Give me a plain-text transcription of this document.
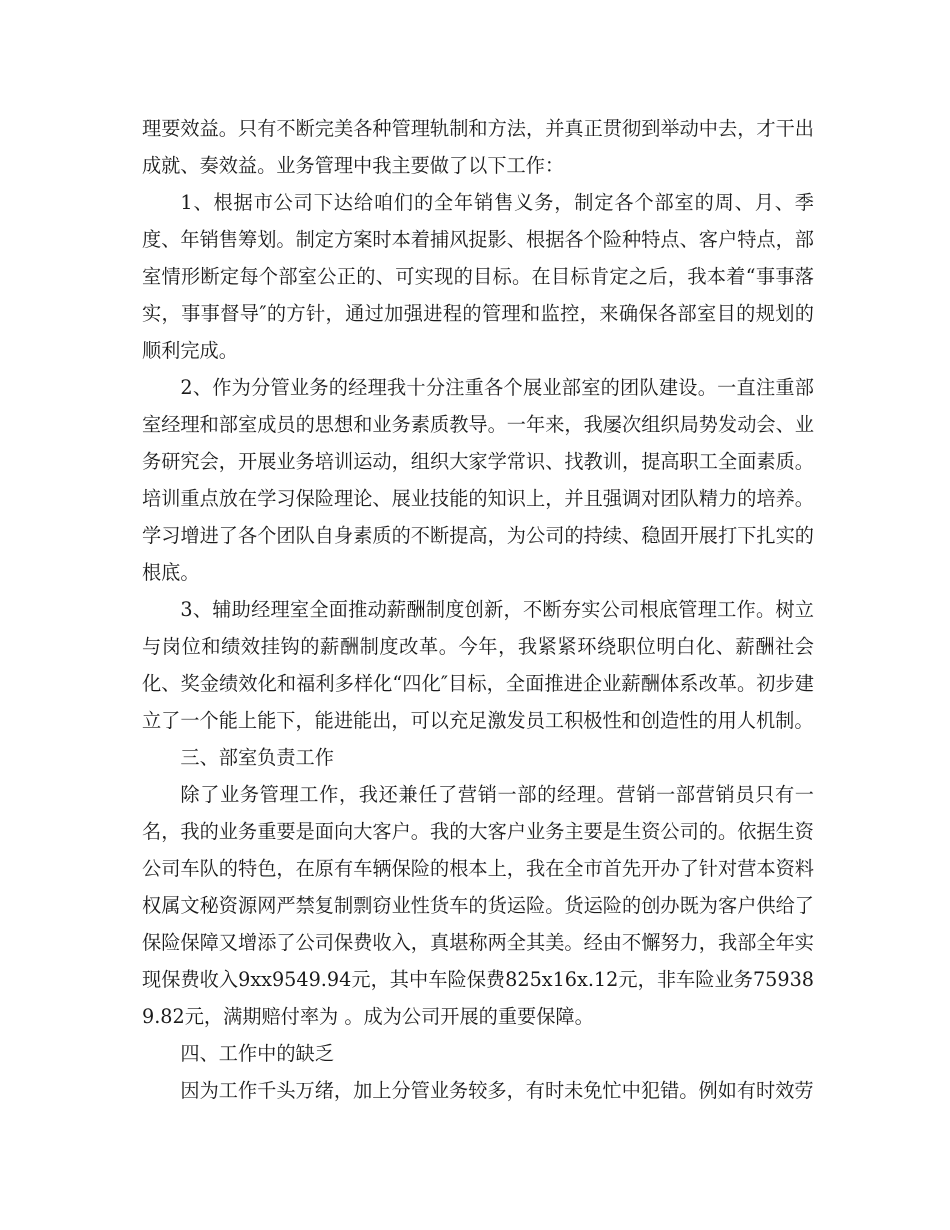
理要效益。只有不断完美各种管理轨制和方法，并真正贯彻到举动中去，才干出成就、奏效益。业务管理中我主要做了以下工作：

1、根据市公司下达给咱们的全年销售义务，制定各个部室的周、月、季度、年销售筹划。制定方案时本着捕风捉影、根据各个险种特点、客户特点，部室情形断定每个部室公正的、可实现的目标。在目标肯定之后，我本着“事事落实，事事督导″的方针，通过加强进程的管理和监控，来确保各部室目的规划的顺利完成。

2、作为分管业务的经理我十分注重各个展业部室的团队建设。一直注重部室经理和部室成员的思想和业务素质教导。一年来，我屡次组织局势发动会、业务研究会，开展业务培训运动，组织大家学常识、找教训，提高职工全面素质。培训重点放在学习保险理论、展业技能的知识上，并且强调对团队精力的培养。学习增进了各个团队自身素质的不断提高，为公司的持续、稳固开展打下扎实的根底。

3、辅助经理室全面推动薪酬制度创新，不断夯实公司根底管理工作。树立与岗位和绩效挂钩的薪酬制度改革。今年，我紧紧环绕职位明白化、薪酬社会化、奖金绩效化和福利多样化“四化″目标，全面推进企业薪酬体系改革。初步建立了一个能上能下，能进能出，可以充足激发员工积极性和创造性的用人机制。

三、部室负责工作

除了业务管理工作，我还兼任了营销一部的经理。营销一部营销员只有一名，我的业务重要是面向大客户。我的大客户业务主要是生资公司的。依据生资公司车队的特色，在原有车辆保险的根本上，我在全市首先开办了针对营本资料权属文秘资源网严禁复制剽窃业性货车的货运险。货运险的创办既为客户供给了保险保障又增添了公司保费收入，真堪称两全其美。经由不懈努力，我部全年实现保费收入9xx9549.94元，其中车险保费825x16x.12元，非车险业务759389.82元，满期赔付率为 。成为公司开展的重要保障。

四、工作中的缺乏

因为工作千头万绪，加上分管业务较多，有时未免忙中犯错。例如有时效劳
